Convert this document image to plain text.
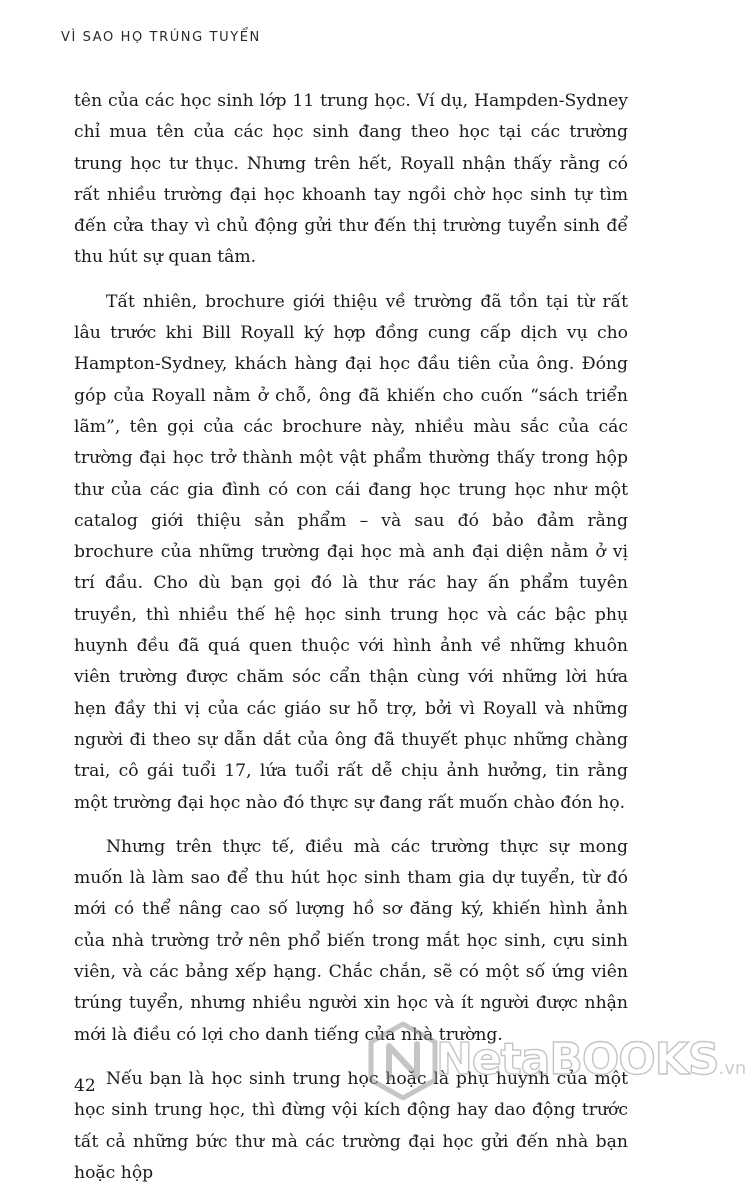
VÌ SAO HỌ TRÚNG TUYỂN

tên của các học sinh lớp 11 trung học. Ví dụ, Hampden-Sydney chỉ mua tên của các học sinh đang theo học tại các trường trung học tư thục. Nhưng trên hết, Royall nhận thấy rằng có rất nhiều trường đại học khoanh tay ngồi chờ học sinh tự tìm đến cửa thay vì chủ động gửi thư đến thị trường tuyển sinh để thu hút sự quan tâm.

Tất nhiên, brochure giới thiệu về trường đã tồn tại từ rất lâu trước khi Bill Royall ký hợp đồng cung cấp dịch vụ cho Hampton-Sydney, khách hàng đại học đầu tiên của ông. Đóng góp của Royall nằm ở chỗ, ông đã khiến cho cuốn “sách triển lãm”, tên gọi của các brochure này, nhiều màu sắc của các trường đại học trở thành một vật phẩm thường thấy trong hộp thư của các gia đình có con cái đang học trung học như một catalog giới thiệu sản phẩm – và sau đó bảo đảm rằng brochure của những trường đại học mà anh đại diện nằm ở vị trí đầu. Cho dù bạn gọi đó là thư rác hay ấn phẩm tuyên truyền, thì nhiều thế hệ học sinh trung học và các bậc phụ huynh đều đã quá quen thuộc với hình ảnh về những khuôn viên trường được chăm sóc cẩn thận cùng với những lời hứa hẹn đầy thi vị của các giáo sư hỗ trợ, bởi vì Royall và những người đi theo sự dẫn dắt của ông đã thuyết phục những chàng trai, cô gái tuổi 17, lứa tuổi rất dễ chịu ảnh hưởng, tin rằng một trường đại học nào đó thực sự đang rất muốn chào đón họ.

Nhưng trên thực tế, điều mà các trường thực sự mong muốn là làm sao để thu hút học sinh tham gia dự tuyển, từ đó mới có thể nâng cao số lượng hồ sơ đăng ký, khiến hình ảnh của nhà trường trở nên phổ biến trong mắt học sinh, cựu sinh viên, và các bảng xếp hạng. Chắc chắn, sẽ có một số ứng viên trúng tuyển, nhưng nhiều người xin học và ít người được nhận mới là điều có lợi cho danh tiếng của nhà trường.

Nếu bạn là học sinh trung học hoặc là phụ huynh của một học sinh trung học, thì đừng vội kích động hay dao động trước tất cả những bức thư mà các trường đại học gửi đến nhà bạn hoặc hộp

42
NetaBOOKS.vn
